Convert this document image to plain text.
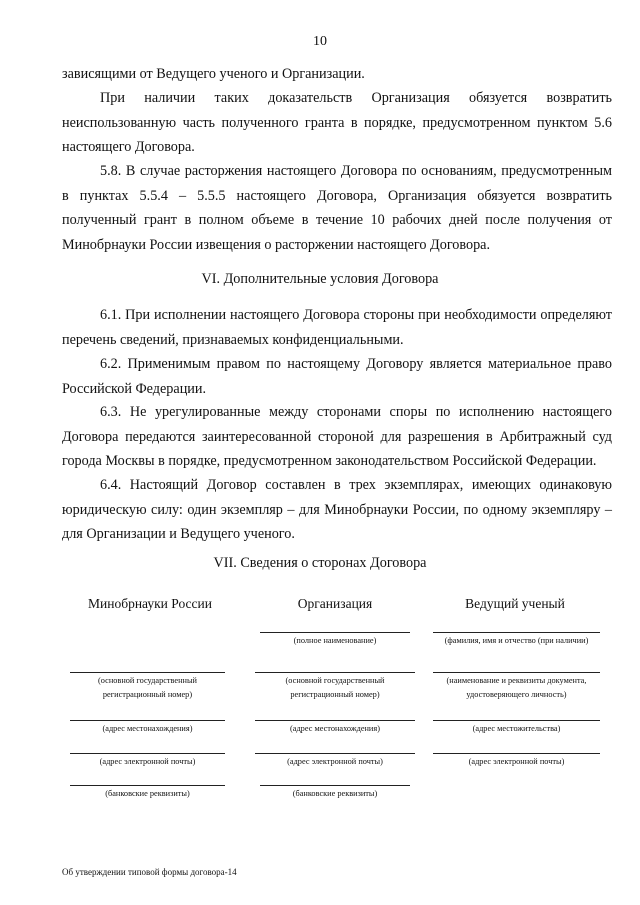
10

зависящими от Ведущего ученого и Организации.

При наличии таких доказательств Организация обязуется возвратить неиспользованную часть полученного гранта в порядке, предусмотренном пунктом 5.6 настоящего Договора.

5.8. В случае расторжения настоящего Договора по основаниям, предусмотренным в пунктах 5.5.4 – 5.5.5 настоящего Договора, Организация обязуется возвратить полученный грант в полном объеме в течение 10 рабочих дней после получения от Минобрнауки России извещения о расторжении настоящего Договора.

VI. Дополнительные условия Договора

6.1. При исполнении настоящего Договора стороны при необходимости определяют перечень сведений, признаваемых конфиденциальными.

6.2. Применимым правом по настоящему Договору является материальное право Российской Федерации.

6.3. Не урегулированные между сторонами споры по исполнению настоящего Договора передаются заинтересованной стороной для разрешения в Арбитражный суд города Москвы в порядке, предусмотренном законодательством Российской Федерации.

6.4. Настоящий Договор составлен в трех экземплярах, имеющих одинаковую юридическую силу: один экземпляр – для Минобрнауки России, по одному экземпляру – для Организации и Ведущего ученого.

VII. Сведения о сторонах Договора
Минобрнауки России	Организация	Ведущий ученый
(основной государственный регистрационный номер)
(адрес местонахождения)
(адрес электронной почты)
(банковские реквизиты)
(полное наименование)
(основной государственный регистрационный номер)
(адрес местонахождения)
(адрес электронной почты)
(банковские реквизиты)
(фамилия, имя и отчество (при наличии)
(наименование и реквизиты документа, удостоверяющего личность)
(адрес местожительства)
(адрес электронной почты)
Об утверждении типовой формы договора-14
